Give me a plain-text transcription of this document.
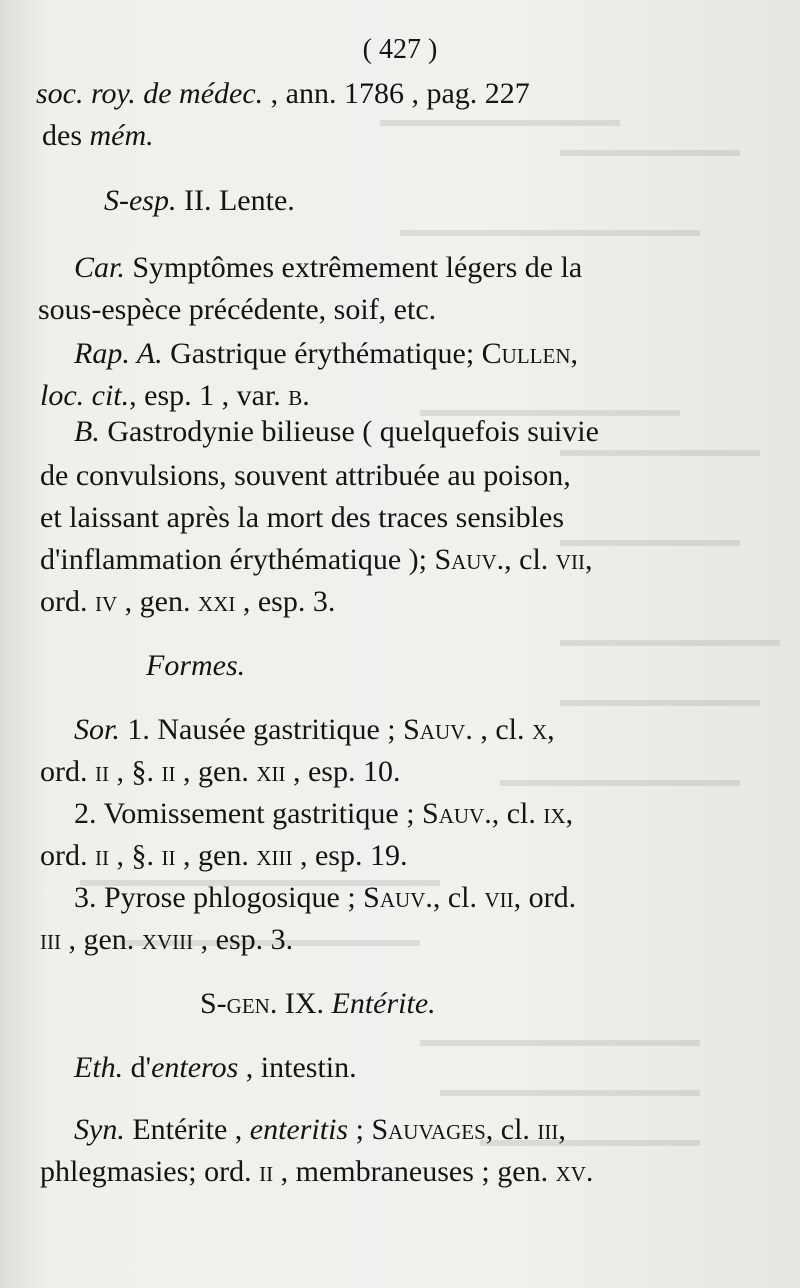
( 427 )
soc. roy. de médec. , ann. 1786 , pag. 227
des mém.
S-esp. II. Lente.
Car. Symptômes extrêmement légers de la
sous-espèce précédente, soif, etc.
Rap. A. Gastrique érythématique; Cullen,
loc. cit., esp. 1 , var. b.
B. Gastrodynie bilieuse ( quelquefois suivie
de convulsions, souvent attribuée au poison,
et laissant après la mort des traces sensibles
d'inflammation érythématique ); Sauv., cl. vii,
ord. iv , gen. xxi , esp. 3.
Formes.
Sor. 1. Nausée gastritique ; Sauv. , cl. x,
ord. ii , §. ii , gen. xii , esp. 10.
2. Vomissement gastritique ; Sauv., cl. ix,
ord. ii , §. ii , gen. xiii , esp. 19.
3. Pyrose phlogosique ; Sauv., cl. vii, ord.
iii , gen. xviii , esp. 3.
S-gen. IX. Entérite.
Eth. d'enteros , intestin.
Syn. Entérite , enteritis ; Sauvages, cl. iii,
phlegmasies; ord. ii , membraneuses ; gen. xv.
